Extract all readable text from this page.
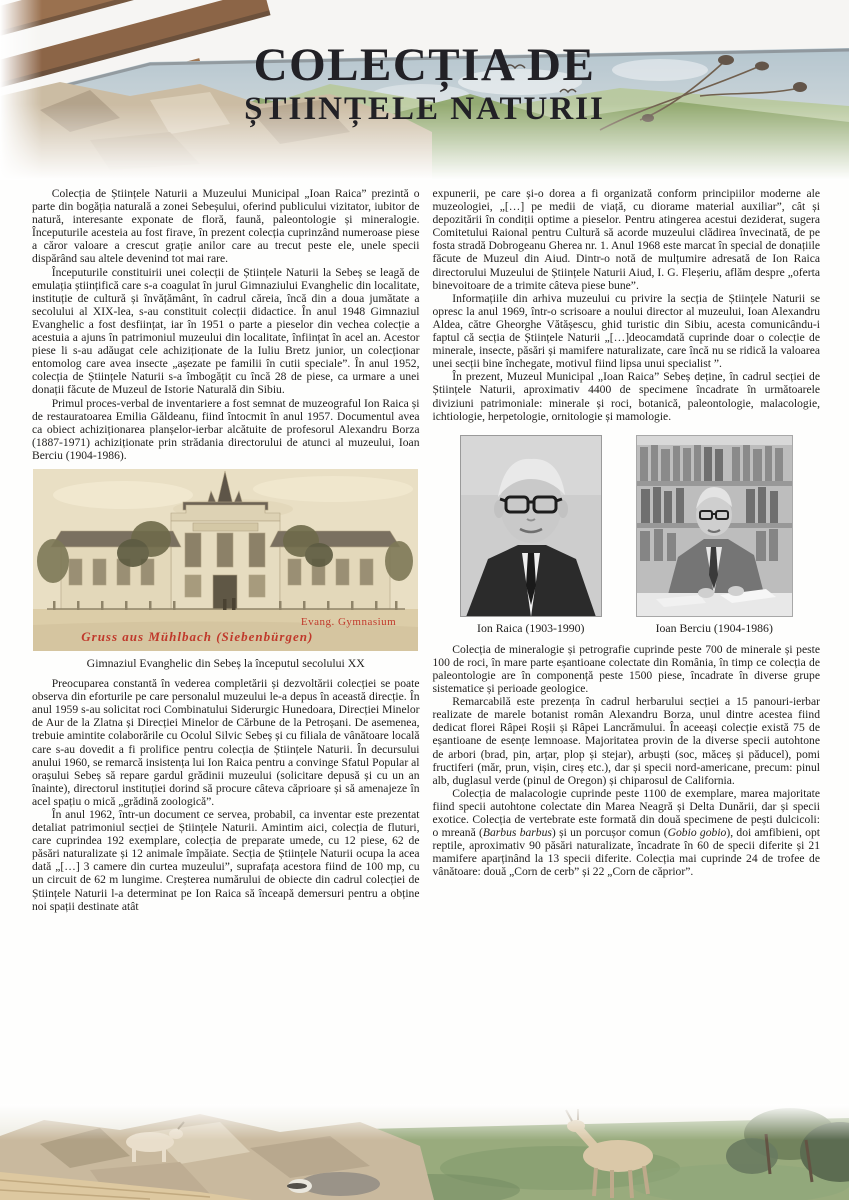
COLECȚIA DE
ȘTIINȚELE NATURII

Colecția de Științele Naturii a Muzeului Municipal „Ioan Raica” prezintă o parte din bogăția naturală a zonei Sebeșului, oferind publicului vizitator, iubitor de natură, interesante exponate de floră, faună, paleontologie și mineralogie. Începuturile acesteia au fost firave, în prezent colecția cuprinzând numeroase piese a căror valoare a crescut grație anilor care au trecut peste ele, unele specii dispărând sau altele devenind tot mai rare.

Începuturile constituirii unei colecții de Științele Naturii la Sebeș se leagă de emulația științifică care s-a coagulat în jurul Gimnaziului Evanghelic din localitate, instituție de cultură și învățământ, în cadrul căreia, încă din a doua jumătate a secolului al XIX-lea, s-au constituit colecții didactice. În anul 1948 Gimnaziul Evanghelic a fost desființat, iar în 1951 o parte a pieselor din vechea colecție a acestuia a ajuns în patrimoniul muzeului din localitate, înființat în acel an. Acestor piese li s-au adăugat cele achiziționate de la Iuliu Bretz junior, un colecționar entomolog care avea insecte „așezate pe familii în cutii speciale”. În anul 1952, colecția de Științele Naturii s-a îmbogățit cu încă 28 de piese, ca urmare a unei donații făcute de Muzeul de Istorie Naturală din Sibiu.

Primul proces-verbal de inventariere a fost semnat de muzeograful Ion Raica și de restauratoarea Emilia Găldeanu, fiind întocmit în anul 1957. Documentul avea ca obiect achiziționarea planșelor-ierbar alcătuite de profesorul Alexandru Borza (1887-1971) achiziționate prin strădania directorului de atunci al muzeului, Ioan Berciu (1904-1986).

Gruss aus Mühlbach (Siebenbürgen)
Evang. Gymnasium
Gimnaziul Evanghelic din Sebeș la începutul secolului XX

Preocuparea constantă în vederea completării și dezvoltării colecției se poate observa din eforturile pe care personalul muzeului le-a depus în această direcție. În anul 1959 s-au solicitat roci Combinatului Siderurgic Hunedoara, Direcției Minelor de Aur de la Zlatna și Direcției Minelor de Cărbune de la Petroșani. De asemenea, trebuie amintite colaborările cu Ocolul Silvic Sebeș și cu filiala de vânătoare locală care s-au dovedit a fi prolifice pentru colecția de Științele Naturii. În decursului anului 1960, se remarcă insistența lui Ion Raica pentru a convinge Sfatul Popular al orașului Sebeș să repare gardul grădinii muzeului (solicitare depusă și cu un an înainte), directorul instituției dorind să procure câteva căprioare și să amenajeze în acel spațiu o mică „grădină zoologică”.

În anul 1962, într-un document ce servea, probabil, ca inventar este prezentat detaliat patrimoniul secției de Științele Naturii. Amintim aici, colecția de fluturi, care cuprindea 192 exemplare, colecția de preparate umede, cu 12 piese, 62 de păsări naturalizate și 12 animale împăiate. Secția de Științele Naturii ocupa la acea dată „[…] 3 camere din curtea muzeului”, suprafața acestora fiind de 100 mp, cu un circuit de 62 m lungime. Creșterea numărului de obiecte din cadrul colecției de Științele Naturii l-a determinat pe Ion Raica să înceapă demersuri pentru a obține noi spații destinate atât

expunerii, pe care și-o dorea a fi organizată conform principiilor moderne ale muzeologiei, „[…] pe medii de viață, cu diorame material auxiliar”, cât și depozitării în condiții optime a pieselor. Pentru atingerea acestui deziderat, sugera Comitetului Raional pentru Cultură să acorde muzeului clădirea învecinată, de pe fosta stradă Dobrogeanu Gherea nr. 1. Anul 1968 este marcat în special de donațiile făcute de Muzeul din Aiud. Dintr-o notă de mulțumire adresată de Ion Raica directorului Muzeului de Științele Naturii Aiud, I. G. Fleșeriu, aflăm despre „oferta binevoitoare de a trimite câteva piese bune”.

Informațiile din arhiva muzeului cu privire la secția de Științele Naturii se opresc la anul 1969, într-o scrisoare a noului director al muzeului, Ioan Alexandru Aldea, către Gheorghe Vătășescu, ghid turistic din Sibiu, acesta comunicându-i faptul că secția de Științele Naturii „[…]deocamdată cuprinde doar o colecție de minerale, insecte, păsări și mamifere naturalizate, care încă nu se ridică la valoarea unei secții bine închegate, motivul fiind lipsa unui specialist ”.

În prezent, Muzeul Municipal „Ioan Raica” Sebeș deține, în cadrul secției de Științele Naturii, aproximativ 4400 de specimene încadrate în următoarele diviziuni patrimoniale: minerale și roci, botanică, paleontologie, malacologie, ichtiologie, herpetologie, ornitologie și mamologie.

Ion Raica (1903-1990)	Ioan Berciu (1904-1986)

Colecția de mineralogie și petrografie cuprinde peste 700 de minerale și peste 100 de roci, în mare parte eșantioane colectate din România, în timp ce colecția de paleontologie are în componență peste 1500 piese, încadrate în diverse grupe sistematice și perioade geologice.

Remarcabilă este prezența în cadrul herbarului secției a 15 panouri-ierbar realizate de marele botanist român Alexandru Borza, unul dintre acestea fiind dedicat florei Râpei Roșii și Râpei Lancrămului. În aceeași colecție există 75 de eșantioane de esențe lemnoase. Majoritatea provin de la diverse specii autohtone de arbori (brad, pin, arțar, plop și stejar), arbuști (soc, măceș și păducel), pomi fructiferi (măr, prun, vișin, cireș etc.), dar și specii nord-americane, precum: pinul alb, duglasul verde (pinul de Oregon) și chiparosul de California.

Colecția de malacologie cuprinde peste 1100 de exemplare, marea majoritate fiind specii autohtone colectate din Marea Neagră și Delta Dunării, dar și specii exotice. Colecția de vertebrate este formată din două specimene de pești dulcicoli: o mreană (Barbus barbus) și un porcușor comun (Gobio gobio), doi amfibieni, opt reptile, aproximativ 90 păsări naturalizate, încadrate în 60 de specii diferite și 21 mamifere aparținând la 13 specii diferite. Colecția mai cuprinde 24 de trofee de vânătoare: două „Corn de cerb” și 22 „Corn de căprior”.
